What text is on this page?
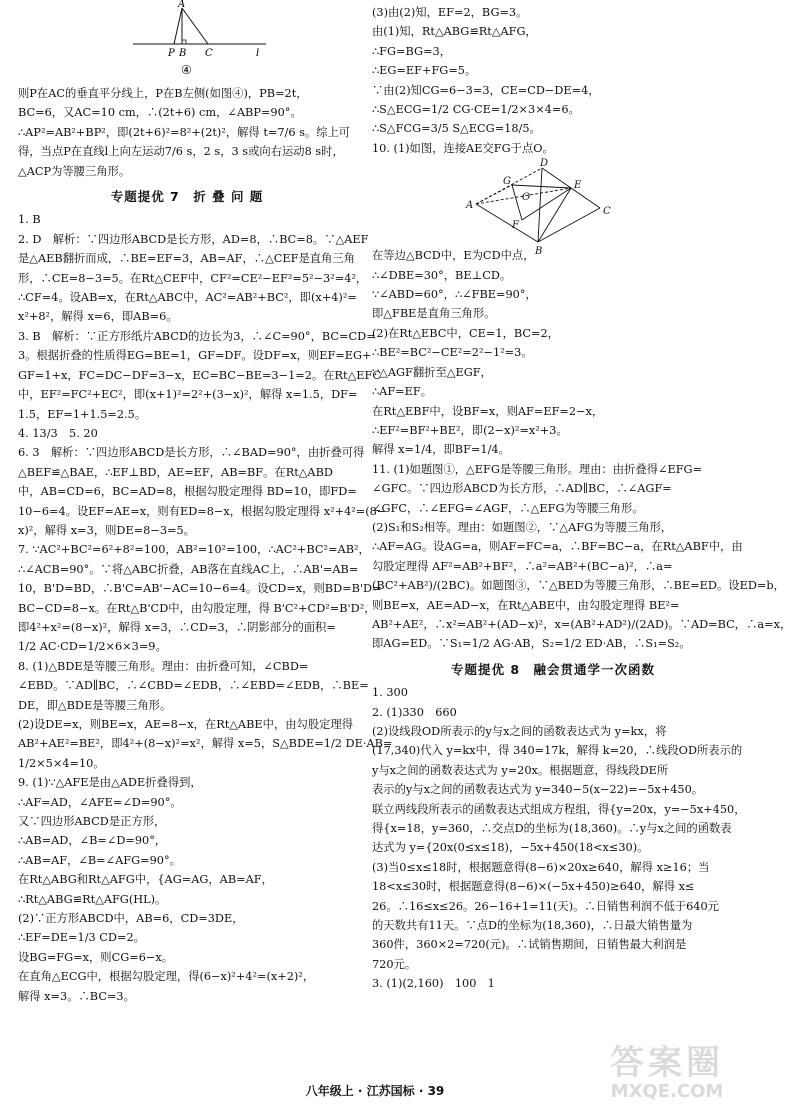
A
P B C	l
④
则P在AC的垂直平分线上，P在B左侧(如图④)，PB=2t，
BC=6，又AC=10 cm，∴(2t+6) cm，∠ABP=90°。
∴AP²=AB²+BP²，即(2t+6)²=8²+(2t)²，解得 t=7/6 s。综上可
得，当点P在直线l上向左运动7/6 s，2 s，3 s或向右运动8 s时，
△ACP为等腰三角形。
专题提优 7　折 叠 问 题
1. B
2. D　解析：∵四边形ABCD是长方形，AD=8，∴BC=8。∵△AEF
是△AEB翻折而成，∴BE=EF=3，AB=AF，∴△CEF是直角三角
形，∴CE=8−3=5。在Rt△CEF中，CF²=CE²−EF²=5²−3²=4²，
∴CF=4。设AB=x，在Rt△ABC中，AC²=AB²+BC²，即(x+4)²=
x²+8²，解得 x=6，即AB=6。
3. B　解析：∵正方形纸片ABCD的边长为3，∴∠C=90°，BC=CD=
3。根据折叠的性质得EG=BE=1，GF=DF。设DF=x，则EF=EG+
GF=1+x，FC=DC−DF=3−x，EC=BC−BE=3−1=2。在Rt△EFC
中，EF²=FC²+EC²，即(x+1)²=2²+(3−x)²，解得 x=1.5，DF=
1.5，EF=1+1.5=2.5。
4. 13/3　5. 20
6. 3　解析：∵四边形ABCD是长方形，∴∠BAD=90°，由折叠可得
△BEF≌△BAE，∴EF⊥BD，AE=EF，AB=BF。在Rt△ABD
中，AB=CD=6，BC=AD=8，根据勾股定理得 BD=10，即FD=
10−6=4。设EF=AE=x，则有ED=8−x，根据勾股定理得 x²+4²=(8−
x)²，解得 x=3，则DE=8−3=5。
7. ∵AC²+BC²=6²+8²=100，AB²=10²=100，∴AC²+BC²=AB²，
∴∠ACB=90°。∵将△ABC折叠，AB落在直线AC上，∴AB'=AB=
10，B'D=BD，∴B'C=AB'−AC=10−6=4。设CD=x，则BD=B'D=
BC−CD=8−x。在Rt△B'CD中，由勾股定理，得 B'C²+CD²=B'D²，
即4²+x²=(8−x)²，解得 x=3，∴CD=3，∴阴影部分的面积=
1/2 AC·CD=1/2×6×3=9。
8. (1)△BDE是等腰三角形。理由：由折叠可知，∠CBD=
∠EBD。∵AD∥BC，∴∠CBD=∠EDB，∴∠EBD=∠EDB，∴BE=
DE，即△BDE是等腰三角形。
(2)设DE=x，则BE=x，AE=8−x，在Rt△ABE中，由勾股定理得
AB²+AE²=BE²，即4²+(8−x)²=x²，解得 x=5，S△BDE=1/2 DE·AB=
1/2×5×4=10。
9. (1)∵△AFE是由△ADE折叠得到，
∴AF=AD，∠AFE=∠D=90°。
又∵四边形ABCD是正方形，
∴AB=AD，∠B=∠D=90°，
∴AB=AF，∠B=∠AFG=90°。
在Rt△ABG和Rt△AFG中，{AG=AG，AB=AF，
∴Rt△ABG≌Rt△AFG(HL)。
(2)∵正方形ABCD中，AB=6，CD=3DE，
∴EF=DE=1/3 CD=2。
设BG=FG=x，则CG=6−x。
在直角△ECG中，根据勾股定理，得(6−x)²+4²=(x+2)²，
解得 x=3。∴BC=3。
(3)由(2)知，EF=2，BG=3。
由(1)知，Rt△ABG≌Rt△AFG，
∴FG=BG=3，
∴EG=EF+FG=5。
∵由(2)知CG=6−3=3，CE=CD−DE=4，
∴S△ECG=1/2 CG·CE=1/2×3×4=6。
∴S△FCG=3/5 S△ECG=18/5。
10. (1)如图，连接AE交FG于点O。
A
D
E
G
O
F
B
C
在等边△BCD中，E为CD中点，
∴∠DBE=30°，BE⊥CD。
∵∠ABD=60°，∴∠FBE=90°，
即△FBE是直角三角形。
(2)在Rt△EBC中，CE=1，BC=2，
∴BE²=BC²−CE²=2²−1²=3。
∵△AGF翻折至△EGF，
∴AF=EF。
在Rt△EBF中，设BF=x，则AF=EF=2−x，
∴EF²=BF²+BE²，即(2−x)²=x²+3。
解得 x=1/4，即BF=1/4。
11. (1)如题图①，△EFG是等腰三角形。理由：由折叠得∠EFG=
∠GFC。∵四边形ABCD为长方形，∴AD∥BC，∴∠AGF=
∠GFC，∴∠EFG=∠AGF，∴△EFG为等腰三角形。
(2)S₁和S₂相等。理由：如题图②，∵△AFG为等腰三角形，
∴AF=AG。设AG=a，则AF=FC=a，∴BF=BC−a，在Rt△ABF中，由
勾股定理得 AF²=AB²+BF²，∴a²=AB²+(BC−a)²，∴a=
(BC²+AB²)/(2BC)。如题图③，∵△BED为等腰三角形，∴BE=ED。设ED=b，
则BE=x，AE=AD−x，在Rt△ABE中，由勾股定理得 BE²=
AB²+AE²，∴x²=AB²+(AD−x)²，x=(AB²+AD²)/(2AD)。∵AD=BC，∴a=x，
即AG=ED。∵S₁=1/2 AG·AB，S₂=1/2 ED·AB，∴S₁=S₂。
专题提优 8　融会贯通学一次函数
1. 300
2. (1)330　660
(2)设线段OD所表示的y与x之间的函数表达式为 y=kx，将
(17,340)代入 y=kx中，得 340=17k，解得 k=20，∴线段OD所表示的
y与x之间的函数表达式为 y=20x。根据题意，得线段DE所
表示的y与x之间的函数表达式为 y=340−5(x−22)=−5x+450。
联立两线段所表示的函数表达式组成方程组，得{y=20x，y=−5x+450，
得{x=18，y=360，∴交点D的坐标为(18,360)。∴y与x之间的函数表
达式为 y={20x(0≤x≤18)，−5x+450(18<x≤30)。
(3)当0≤x≤18时，根据题意得(8−6)×20x≥640，解得 x≥16；当
18<x≤30时，根据题意得(8−6)×(−5x+450)≥640，解得 x≤
26。∴16≤x≤26。26−16+1=11(天)。∴日销售利润不低于640元
的天数共有11天。∵点D的坐标为(18,360)，∴日最大销售量为
360件，360×2=720(元)。∴试销售期间，日销售最大利润是
720元。
3. (1)(2,160)　100　1
八年级上 · 江苏国标 · 39
答案圈
MXQE.COM
